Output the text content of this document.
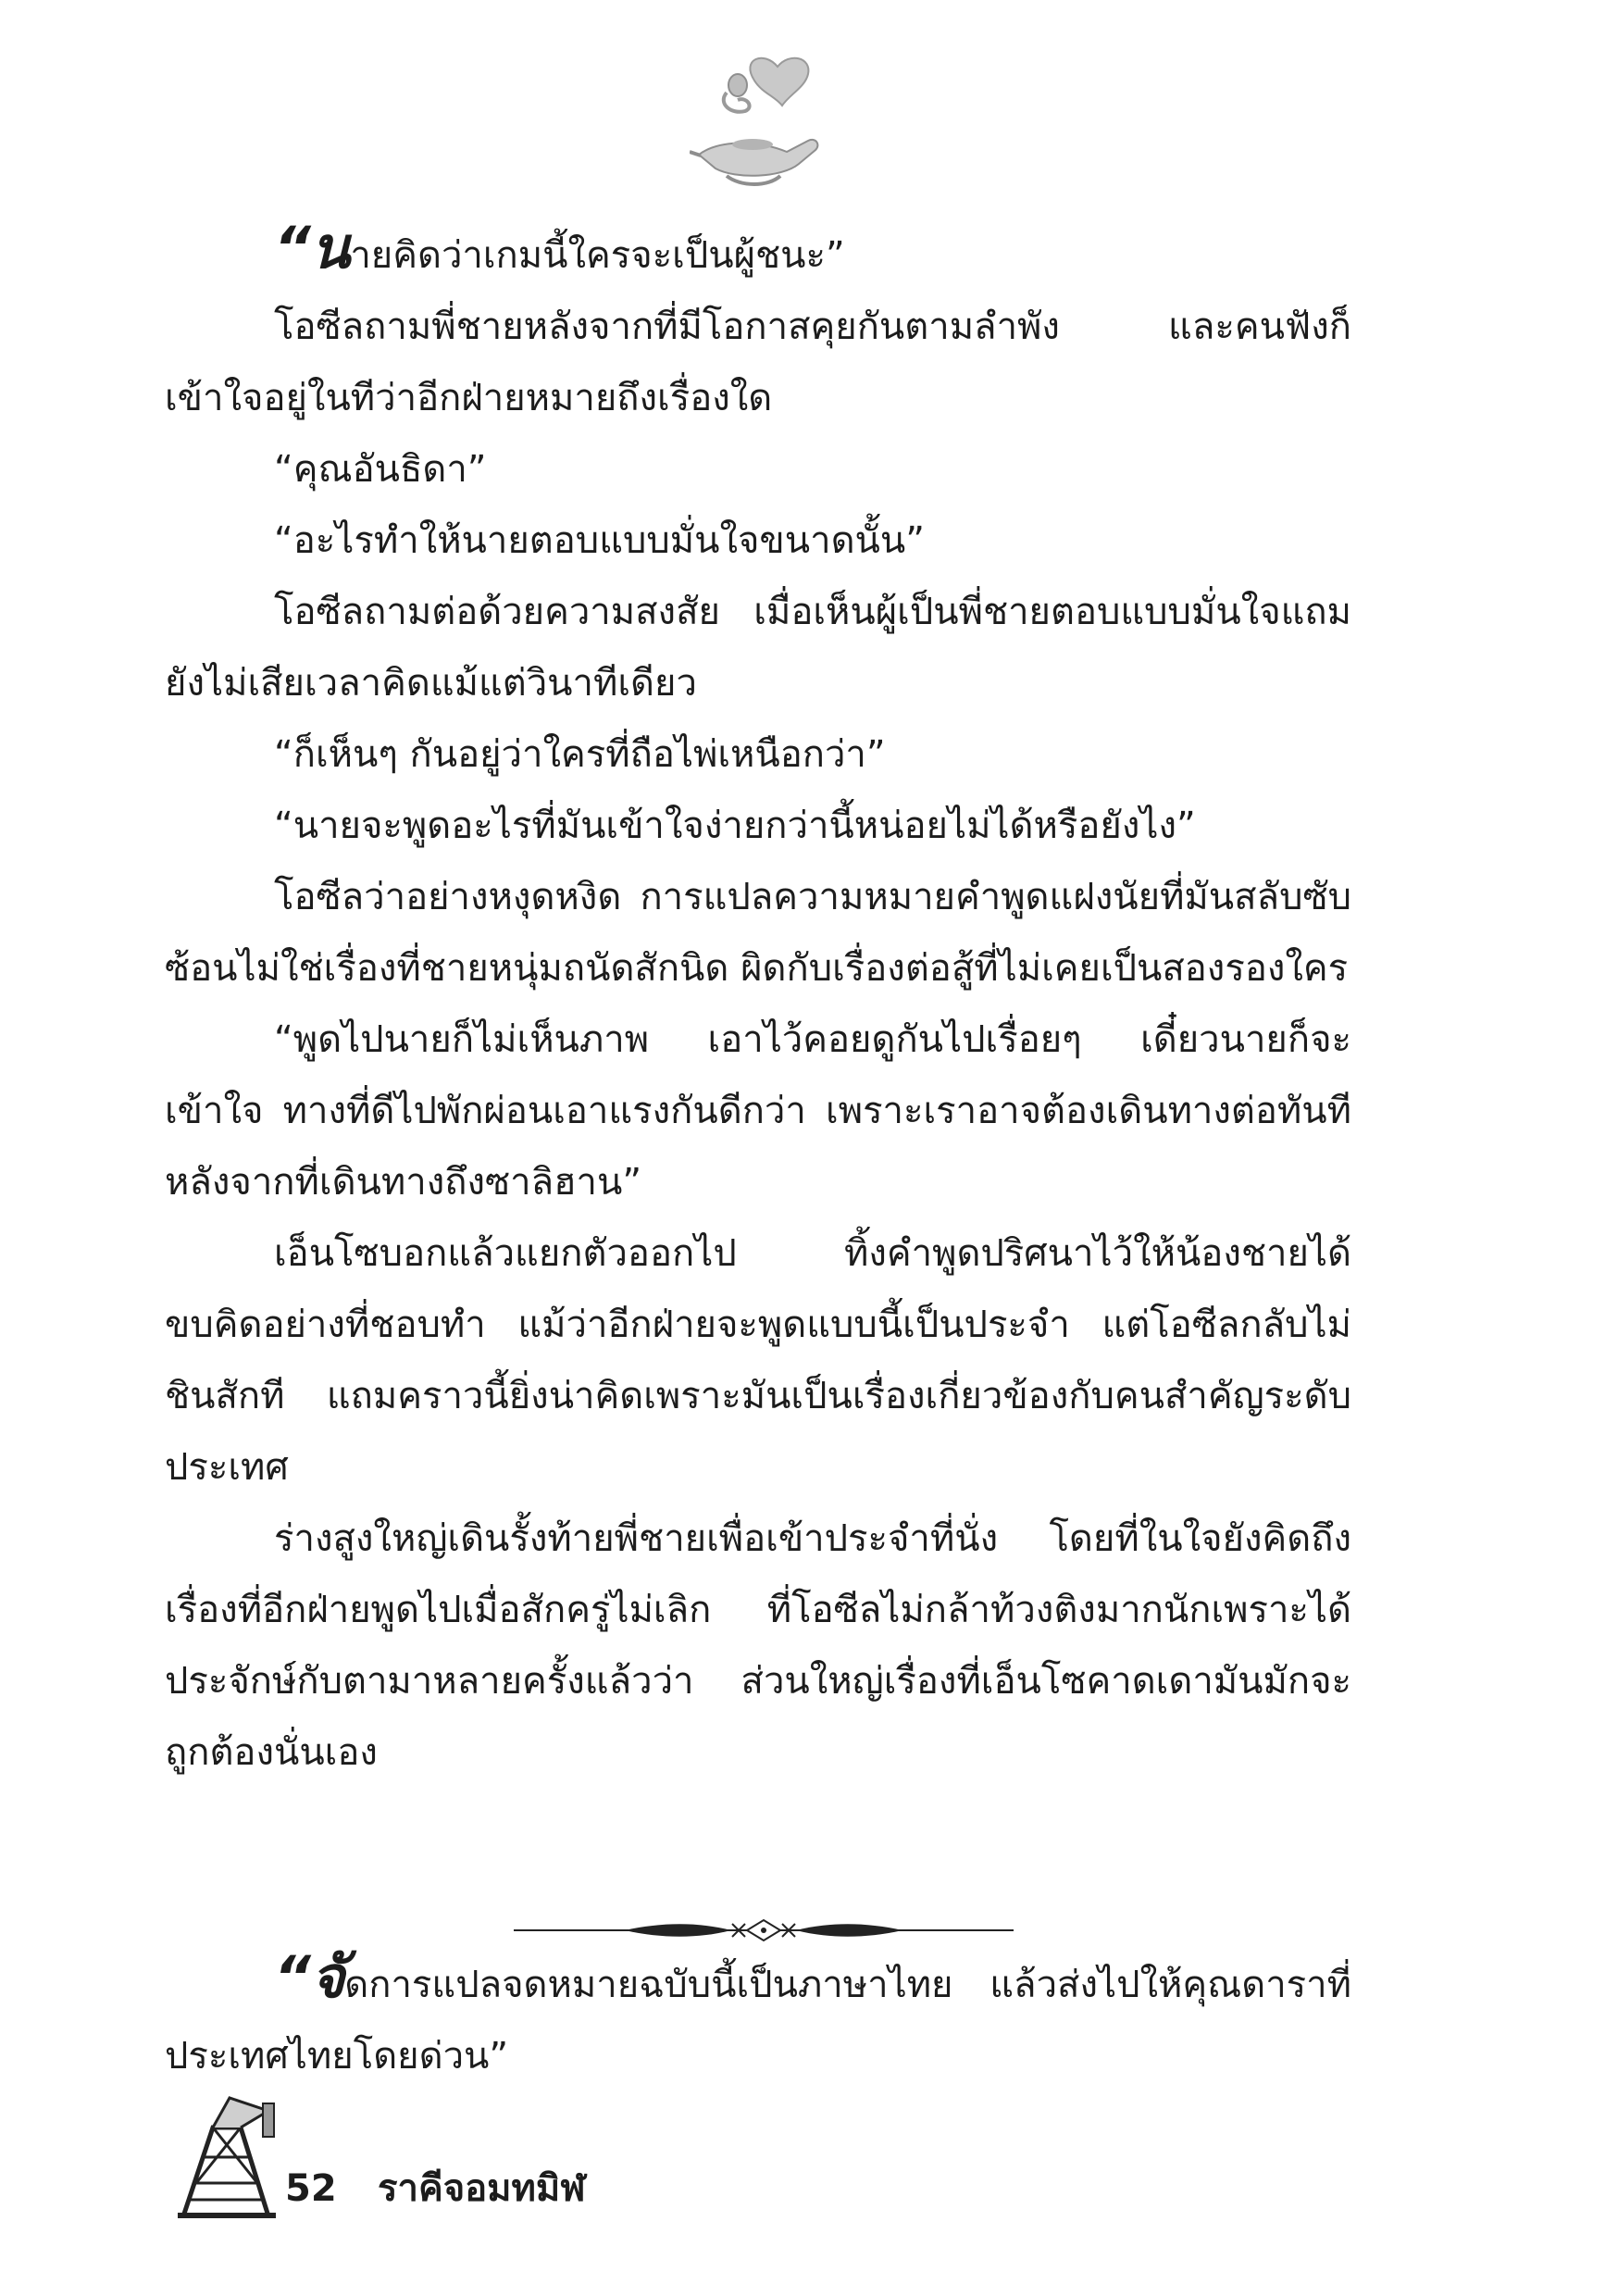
“นายคิดว่าเกมนี้ใครจะเป็นผู้ชนะ”

โอซีลถามพี่ชายหลังจากที่มีโอกาสคุยกันตามลำพัง และคนฟังก็เข้าใจอยู่ในทีว่าอีกฝ่ายหมายถึงเรื่องใด

“คุณอันธิดา”

“อะไรทำให้นายตอบแบบมั่นใจขนาดนั้น”

โอซีลถามต่อด้วยความสงสัย เมื่อเห็นผู้เป็นพี่ชายตอบแบบมั่นใจแถมยังไม่เสียเวลาคิดแม้แต่วินาทีเดียว

“ก็เห็นๆ กันอยู่ว่าใครที่ถือไพ่เหนือกว่า”

“นายจะพูดอะไรที่มันเข้าใจง่ายกว่านี้หน่อยไม่ได้หรือยังไง”

โอซีลว่าอย่างหงุดหงิด การแปลความหมายคำพูดแฝงนัยที่มันสลับซับซ้อนไม่ใช่เรื่องที่ชายหนุ่มถนัดสักนิด ผิดกับเรื่องต่อสู้ที่ไม่เคยเป็นสองรองใคร

“พูดไปนายก็ไม่เห็นภาพ เอาไว้คอยดูกันไปเรื่อยๆ เดี๋ยวนายก็จะเข้าใจ ทางที่ดีไปพักผ่อนเอาแรงกันดีกว่า เพราะเราอาจต้องเดินทางต่อทันทีหลังจากที่เดินทางถึงซาลิฮาน”

เอ็นโซบอกแล้วแยกตัวออกไป ทิ้งคำพูดปริศนาไว้ให้น้องชายได้ขบคิดอย่างที่ชอบทำ แม้ว่าอีกฝ่ายจะพูดแบบนี้เป็นประจำ แต่โอซีลกลับไม่ชินสักที แถมคราวนี้ยิ่งน่าคิดเพราะมันเป็นเรื่องเกี่ยวข้องกับคนสำคัญระดับประเทศ

ร่างสูงใหญ่เดินรั้งท้ายพี่ชายเพื่อเข้าประจำที่นั่ง โดยที่ในใจยังคิดถึงเรื่องที่อีกฝ่ายพูดไปเมื่อสักครู่ไม่เลิก ที่โอซีลไม่กล้าท้วงติงมากนักเพราะได้ประจักษ์กับตามาหลายครั้งแล้วว่า ส่วนใหญ่เรื่องที่เอ็นโซคาดเดามันมักจะถูกต้องนั่นเอง

“จัดการแปลจดหมายฉบับนี้เป็นภาษาไทย แล้วส่งไปให้คุณดาราที่ประเทศไทยโดยด่วน”

52 ราคีจอมทมิฬ
